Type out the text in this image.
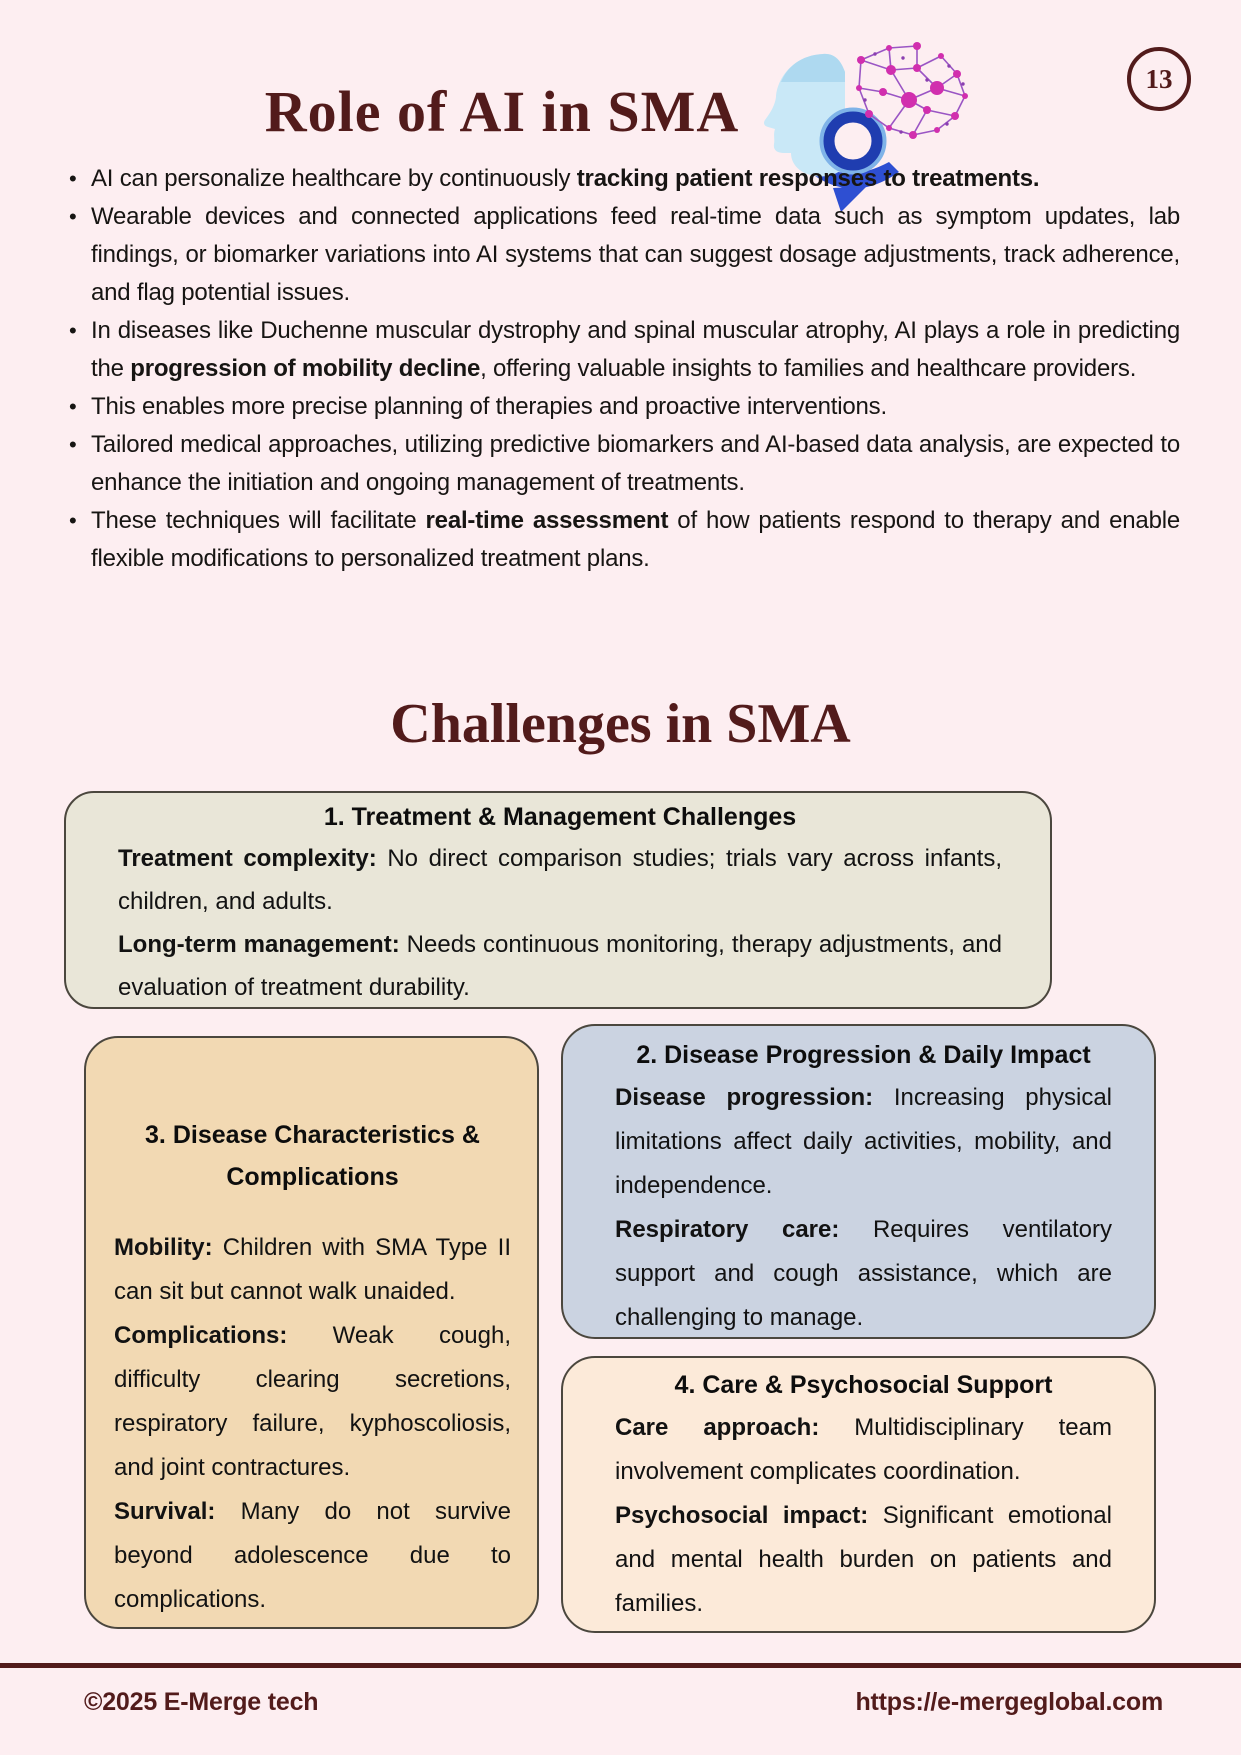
13
Role of AI in SMA
• AI can personalize healthcare by continuously tracking patient responses to treatments.
• Wearable devices and connected applications feed real-time data such as symptom updates, lab findings, or biomarker variations into AI systems that can suggest dosage adjustments, track adherence, and flag potential issues.
• In diseases like Duchenne muscular dystrophy and spinal muscular atrophy, AI plays a role in predicting the progression of mobility decline, offering valuable insights to families and healthcare providers.
• This enables more precise planning of therapies and proactive interventions.
• Tailored medical approaches, utilizing predictive biomarkers and AI-based data analysis, are expected to enhance the initiation and ongoing management of treatments.
• These techniques will facilitate real-time assessment of how patients respond to therapy and enable flexible modifications to personalized treatment plans.
Challenges in SMA
1. Treatment & Management Challenges

Treatment complexity: No direct comparison studies; trials vary across infants, children, and adults.

Long-term management: Needs continuous monitoring, therapy adjustments, and evaluation of treatment durability.

2. Disease Progression & Daily Impact

Disease progression: Increasing physical limitations affect daily activities, mobility, and independence.

Respiratory care: Requires ventilatory support and cough assistance, which are challenging to manage.

3. Disease Characteristics & Complications

Mobility: Children with SMA Type II can sit but cannot walk unaided.

Complications: Weak cough, difficulty clearing secretions, respiratory failure, kyphoscoliosis, and joint contractures.

Survival: Many do not survive beyond adolescence due to complications.

4. Care & Psychosocial Support

Care approach: Multidisciplinary team involvement complicates coordination.

Psychosocial impact: Significant emotional and mental health burden on patients and families.

©2025 E-Merge tech	https://e-mergeglobal.com
